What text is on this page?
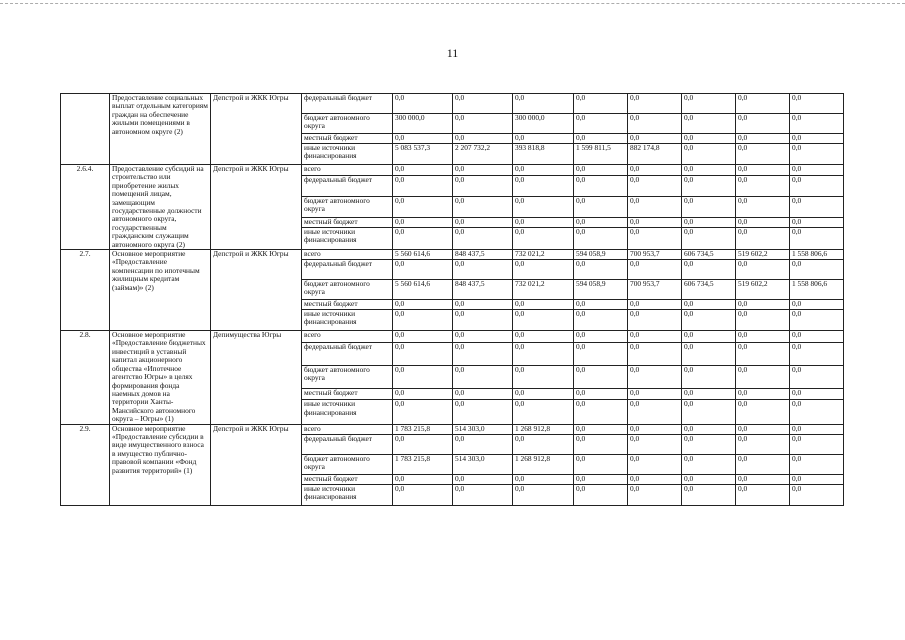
11
	Предоставление социальных выплат отдельным категориям граждан на обеспечение жилыми помещениями в автономном округе (2)	Депстрой и ЖКК Югры	федеральный бюджет	0,0	0,0	0,0	0,0	0,0	0,0	0,0	0,0
			бюджет автономного округа	300 000,0	0,0	300 000,0	0,0	0,0	0,0	0,0	0,0
			местный бюджет	0,0	0,0	0,0	0,0	0,0	0,0	0,0	0,0
			иные источники финансирования	5 083 537,3	2 207 732,2	393 818,8	1 599 811,5	882 174,8	0,0	0,0	0,0
2.6.4.	Предоставление субсидий на строительство или приобретение жилых помещений лицам, замещающим государственные должности автономного округа, государственным гражданским служащим автономного округа (2)	Депстрой и ЖКК Югры	всего	0,0	0,0	0,0	0,0	0,0	0,0	0,0	0,0
			федеральный бюджет	0,0	0,0	0,0	0,0	0,0	0,0	0,0	0,0
			бюджет автономного округа	0,0	0,0	0,0	0,0	0,0	0,0	0,0	0,0
			местный бюджет	0,0	0,0	0,0	0,0	0,0	0,0	0,0	0,0
			иные источники финансирования	0,0	0,0	0,0	0,0	0,0	0,0	0,0	0,0
2.7.	Основное мероприятие «Предоставление компенсации по ипотечным жилищным кредитам (займам)» (2)	Депстрой и ЖКК Югры	всего	5 560 614,6	848 437,5	732 021,2	594 058,9	700 953,7	606 734,5	519 602,2	1 558 806,6
			федеральный бюджет	0,0	0,0	0,0	0,0	0,0	0,0	0,0	0,0
			бюджет автономного округа	5 560 614,6	848 437,5	732 021,2	594 058,9	700 953,7	606 734,5	519 602,2	1 558 806,6
			местный бюджет	0,0	0,0	0,0	0,0	0,0	0,0	0,0	0,0
			иные источники финансирования	0,0	0,0	0,0	0,0	0,0	0,0	0,0	0,0
2.8.	Основное мероприятие «Предоставление бюджетных инвестиций в уставный капитал акционерного общества «Ипотечное агентство Югры» в целях формирования фонда наемных домов на территории Ханты-Мансийского автономного округа – Югры» (1)	Депимущества Югры	всего	0,0	0,0	0,0	0,0	0,0	0,0	0,0	0,0
			федеральный бюджет	0,0	0,0	0,0	0,0	0,0	0,0	0,0	0,0
			бюджет автономного округа	0,0	0,0	0,0	0,0	0,0	0,0	0,0	0,0
			местный бюджет	0,0	0,0	0,0	0,0	0,0	0,0	0,0	0,0
			иные источники финансирования	0,0	0,0	0,0	0,0	0,0	0,0	0,0	0,0
2.9.	Основное мероприятие «Предоставление субсидии в виде имущественного взноса в имущество публично-правовой компании «Фонд развития территорий» (1)	Депстрой и ЖКК Югры	всего	1 783 215,8	514 303,0	1 268 912,8	0,0	0,0	0,0	0,0	0,0
			федеральный бюджет	0,0	0,0	0,0	0,0	0,0	0,0	0,0	0,0
			бюджет автономного округа	1 783 215,8	514 303,0	1 268 912,8	0,0	0,0	0,0	0,0	0,0
			местный бюджет	0,0	0,0	0,0	0,0	0,0	0,0	0,0	0,0
			иные источники финансирования	0,0	0,0	0,0	0,0	0,0	0,0	0,0	0,0
